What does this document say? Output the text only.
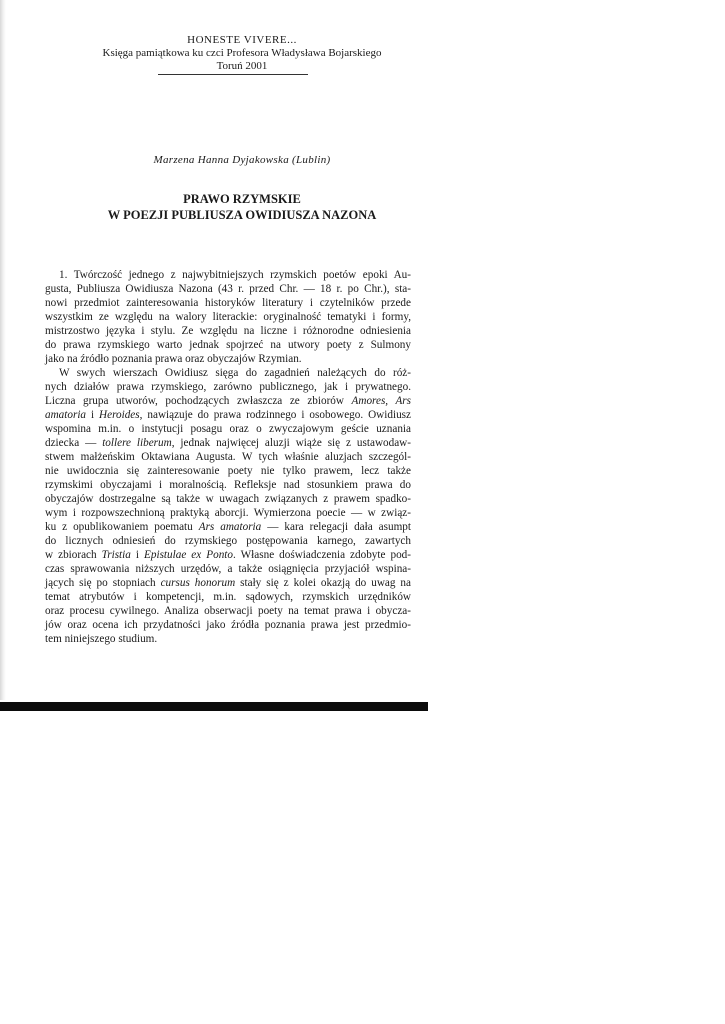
HONESTE VIVERE...
Księga pamiątkowa ku czci Profesora Władysława Bojarskiego
Toruń 2001
Marzena Hanna Dyjakowska (Lublin)
PRAWO RZYMSKIE
W POEZJI PUBLIUSZA OWIDIUSZA NAZONA
1. Twórczość jednego z najwybitniejszych rzymskich poetów epoki Au-
gusta, Publiusza Owidiusza Nazona (43 r. przed Chr. — 18 r. po Chr.), sta-
nowi przedmiot zainteresowania historyków literatury i czytelników przede
wszystkim ze względu na walory literackie: oryginalność tematyki i formy,
mistrzostwo języka i stylu. Ze względu na liczne i różnorodne odniesienia
do prawa rzymskiego warto jednak spojrzeć na utwory poety z Sulmony
jako na źródło poznania prawa oraz obyczajów Rzymian.
W swych wierszach Owidiusz sięga do zagadnień należących do róż-
nych działów prawa rzymskiego, zarówno publicznego, jak i prywatnego.
Liczna grupa utworów, pochodzących zwłaszcza ze zbiorów Amores, Ars
amatoria i Heroides, nawiązuje do prawa rodzinnego i osobowego. Owidiusz
wspomina m.in. o instytucji posagu oraz o zwyczajowym geście uznania
dziecka — tollere liberum, jednak najwięcej aluzji wiąże się z ustawodaw-
stwem małżeńskim Oktawiana Augusta. W tych właśnie aluzjach szczegól-
nie uwidocznia się zainteresowanie poety nie tylko prawem, lecz także
rzymskimi obyczajami i moralnością. Refleksje nad stosunkiem prawa do
obyczajów dostrzegalne są także w uwagach związanych z prawem spadko-
wym i rozpowszechnioną praktyką aborcji. Wymierzona poecie — w związ-
ku z opublikowaniem poematu Ars amatoria — kara relegacji dała asumpt
do licznych odniesień do rzymskiego postępowania karnego, zawartych
w zbiorach Tristia i Epistulae ex Ponto. Własne doświadczenia zdobyte pod-
czas sprawowania niższych urzędów, a także osiągnięcia przyjaciół wspina-
jących się po stopniach cursus honorum stały się z kolei okazją do uwag na
temat atrybutów i kompetencji, m.in. sądowych, rzymskich urzędników
oraz procesu cywilnego. Analiza obserwacji poety na temat prawa i obycza-
jów oraz ocena ich przydatności jako źródła poznania prawa jest przedmio-
tem niniejszego studium.
